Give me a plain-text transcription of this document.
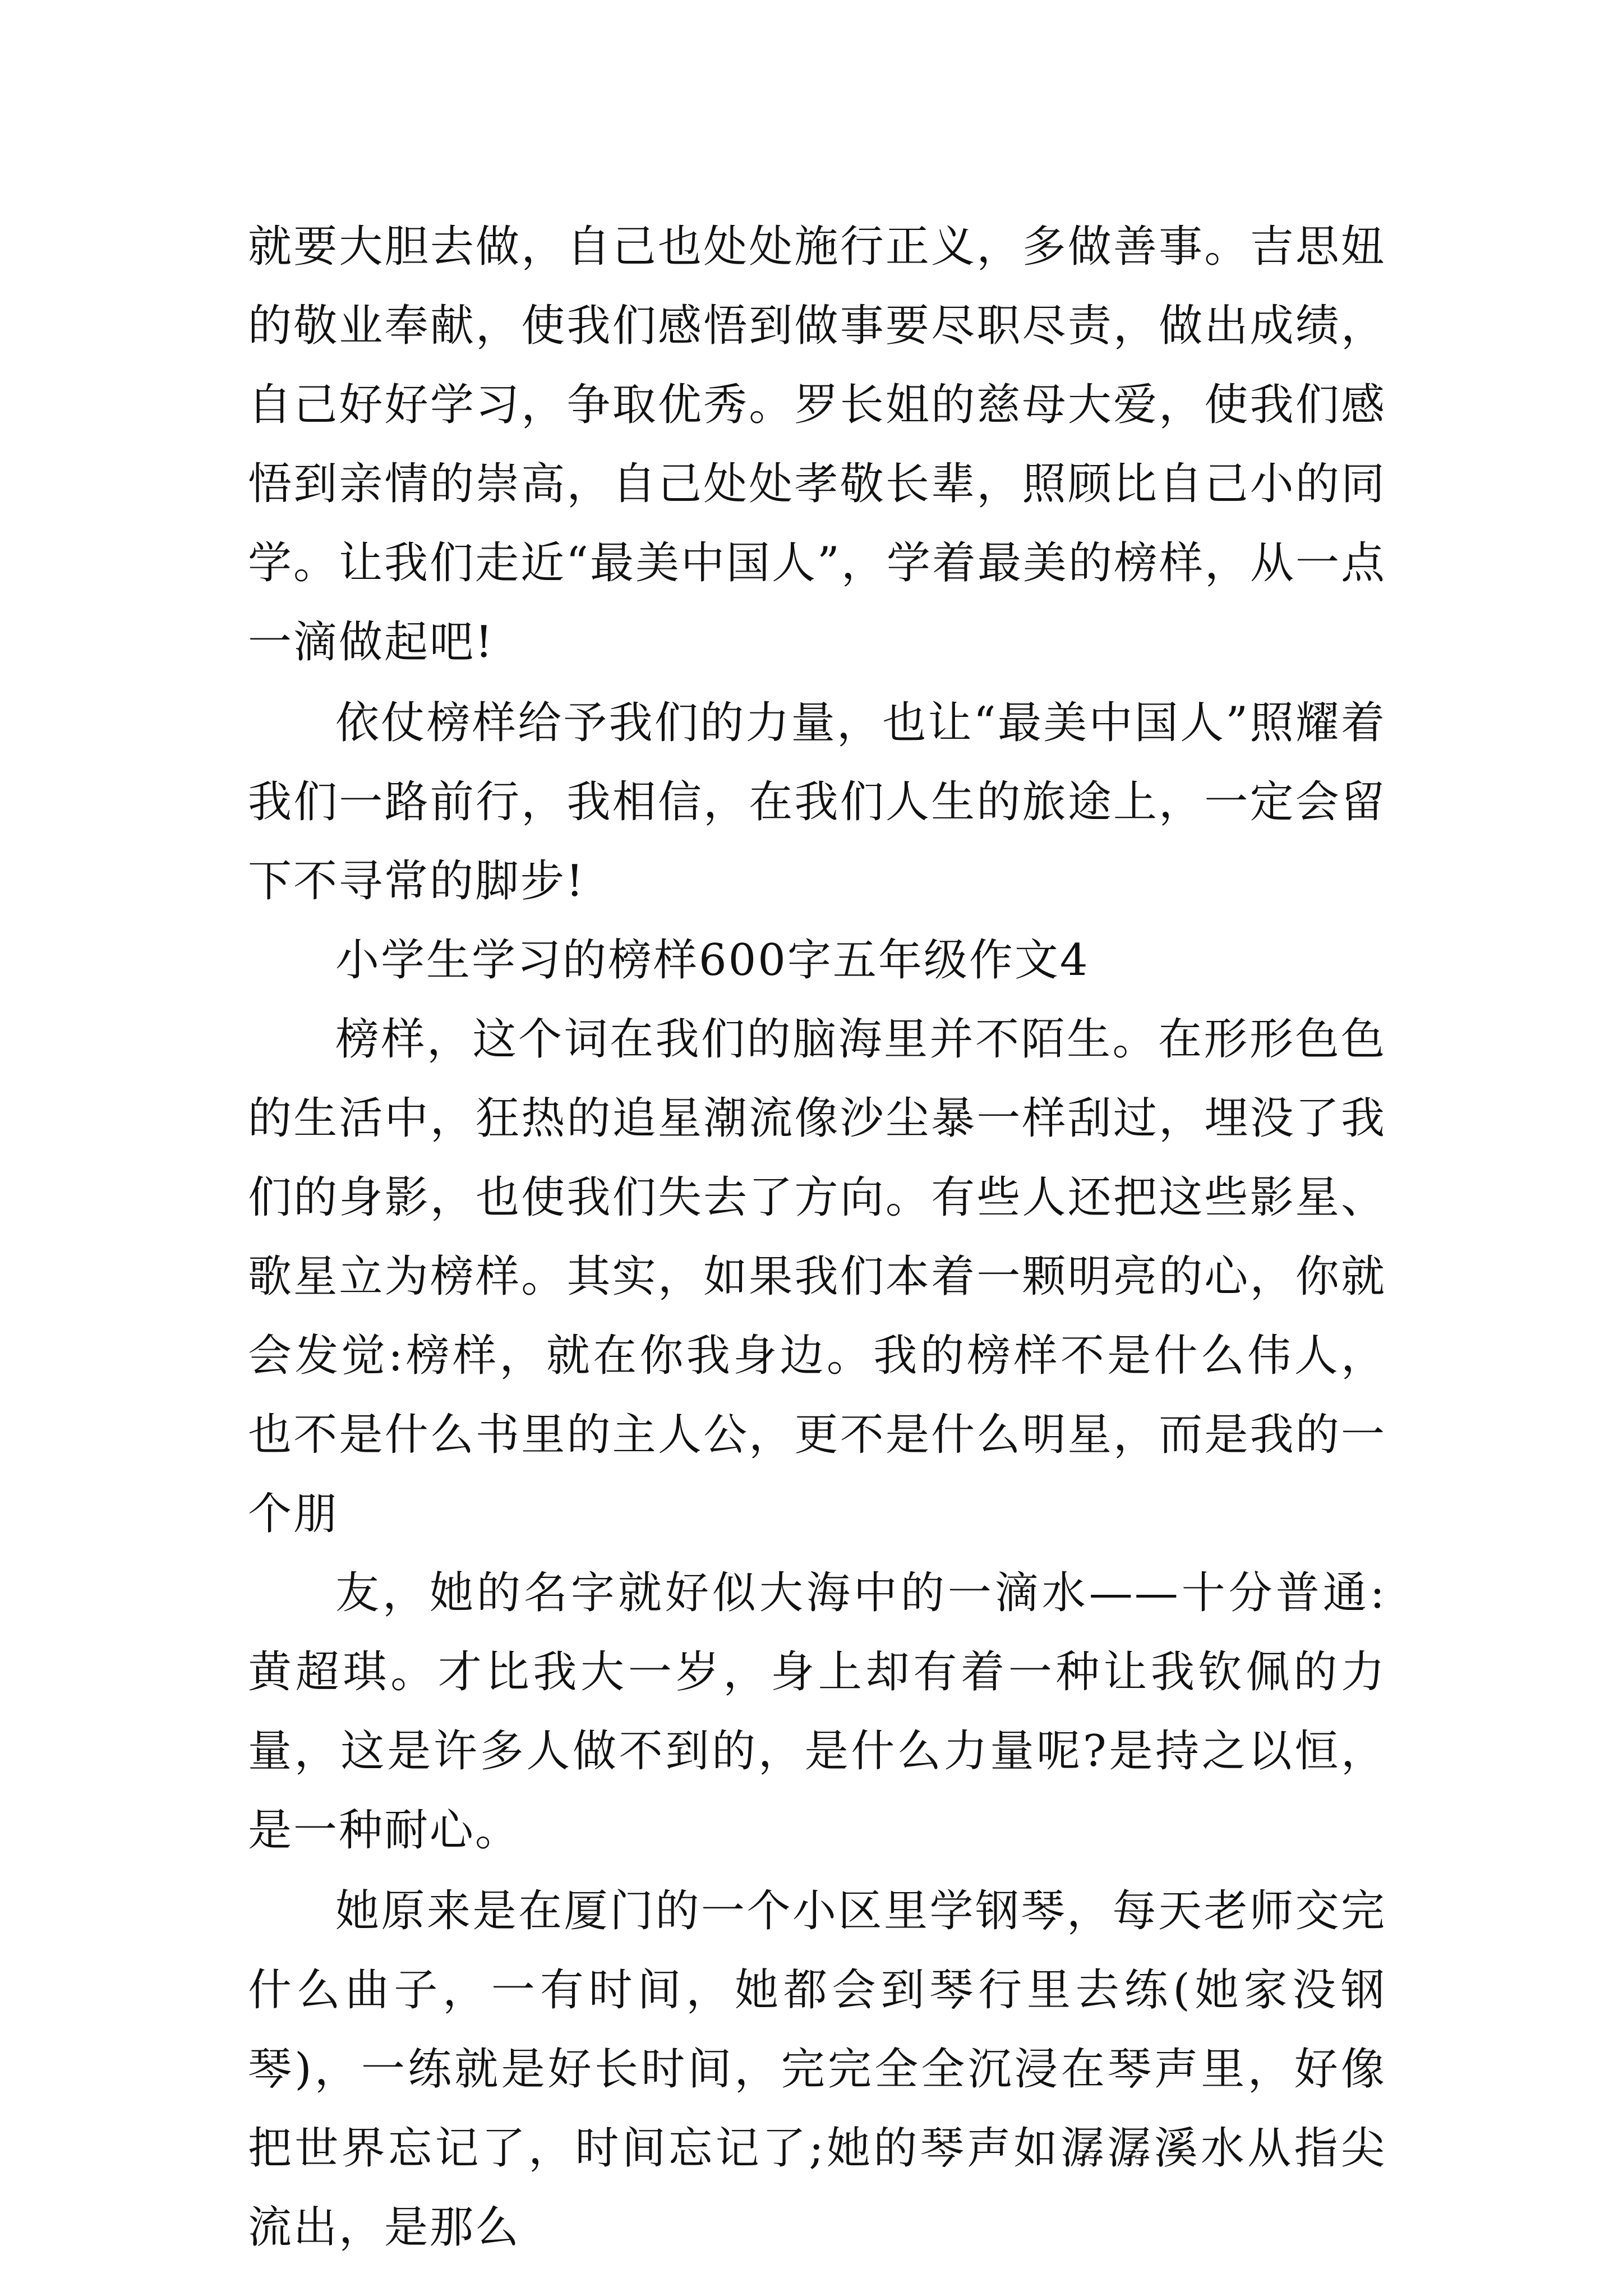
就要大胆去做，自己也处处施行正义，多做善事。吉思妞的敬业奉献，使我们感悟到做事要尽职尽责，做出成绩，自己好好学习，争取优秀。罗长姐的慈母大爱，使我们感悟到亲情的崇高，自己处处孝敬长辈，照顾比自己小的同学。让我们走近“最美中国人”，学着最美的榜样，从一点一滴做起吧!

依仗榜样给予我们的力量，也让“最美中国人”照耀着我们一路前行，我相信，在我们人生的旅途上，一定会留下不寻常的脚步!

小学生学习的榜样600字五年级作文4

榜样，这个词在我们的脑海里并不陌生。在形形色色的生活中，狂热的追星潮流像沙尘暴一样刮过，埋没了我们的身影，也使我们失去了方向。有些人还把这些影星、歌星立为榜样。其实，如果我们本着一颗明亮的心，你就会发觉:榜样，就在你我身边。我的榜样不是什么伟人，也不是什么书里的主人公，更不是什么明星，而是我的一个朋

友，她的名字就好似大海中的一滴水——十分普通:黄超琪。才比我大一岁，身上却有着一种让我钦佩的力量，这是许多人做不到的，是什么力量呢?是持之以恒，是一种耐心。

她原来是在厦门的一个小区里学钢琴，每天老师交完什么曲子，一有时间，她都会到琴行里去练(她家没钢琴)，一练就是好长时间，完完全全沉浸在琴声里，好像把世界忘记了，时间忘记了;她的琴声如潺潺溪水从指尖流出，是那么
